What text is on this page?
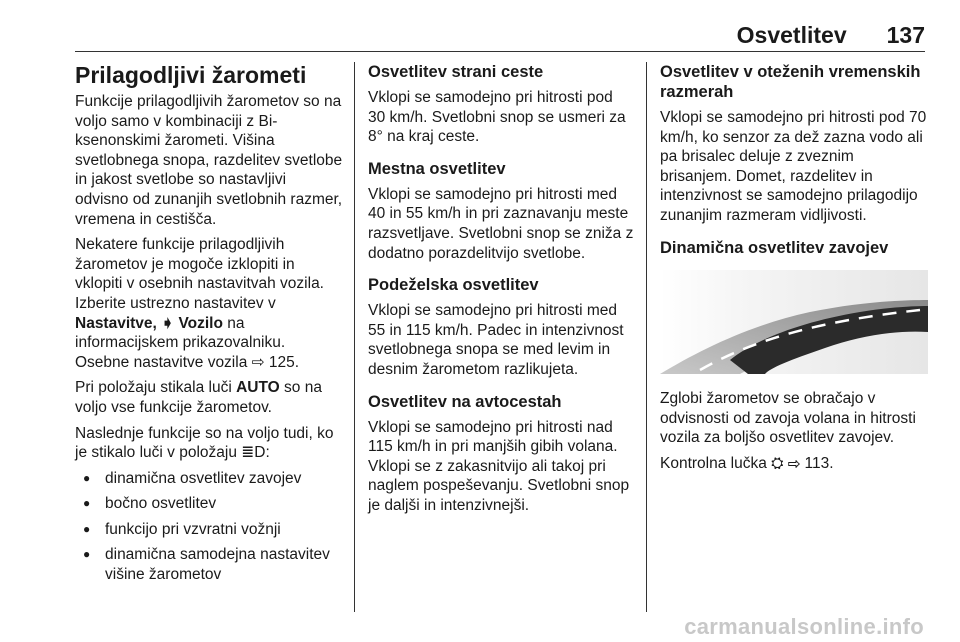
Osvetlitev 137
Prilagodljivi žarometi

Funkcije prilagodljivih žarometov so na voljo samo v kombinaciji z Bi-ksenonskimi žarometi. Višina svetlobnega snopa, razdelitev svetlobe in jakost svetlobe so nastavljivi odvisno od zunanjih svetlobnih razmer, vremena in cestišča.

Nekatere funkcije prilagodljivih žarometov je mogoče izklopiti in vklopiti v osebnih nastavitvah vozila. Izberite ustrezno nastavitev v Nastavitve, ➧ Vozilo na informacijskem prikazovalniku. Osebne nastavitve vozila ⇨ 125.

Pri položaju stikala luči AUTO so na voljo vse funkcije žarometov.

Naslednje funkcije so na voljo tudi, ko je stikalo luči v položaju ≣D:

● dinamična osvetlitev zavojev
● bočno osvetlitev
● funkcijo pri vzvratni vožnji
● dinamična samodejna nastavitev višine žarometov
Osvetlitev strani ceste

Vklopi se samodejno pri hitrosti pod 30 km/h. Svetlobni snop se usmeri za 8° na kraj ceste.

Mestna osvetlitev

Vklopi se samodejno pri hitrosti med 40 in 55 km/h in pri zaznavanju meste razsvetljave. Svetlobni snop se zniža z dodatno porazdelitvijo svetlobe.

Podeželska osvetlitev

Vklopi se samodejno pri hitrosti med 55 in 115 km/h. Padec in intenzivnost svetlobnega snopa se med levim in desnim žarometom razlikujeta.

Osvetlitev na avtocestah

Vklopi se samodejno pri hitrosti nad 115 km/h in pri manjših gibih volana. Vklopi se z zakasnitvijo ali takoj pri naglem pospeševanju. Svetlobni snop je daljši in intenzivnejši.

Osvetlitev v oteženih vremenskih razmerah

Vklopi se samodejno pri hitrosti pod 70 km/h, ko senzor za dež zazna vodo ali pa brisalec deluje z zveznim brisanjem. Domet, razdelitev in intenzivnost se samodejno prilagodijo zunanjim razmeram vidljivosti.

Dinamična osvetlitev zavojev

Zglobi žarometov se obračajo v odvisnosti od zavoja volana in hitrosti vozila za boljšo osvetlitev zavojev.

Kontrolna lučka ⛭ ⇨ 113.

carmanualsonline.info
